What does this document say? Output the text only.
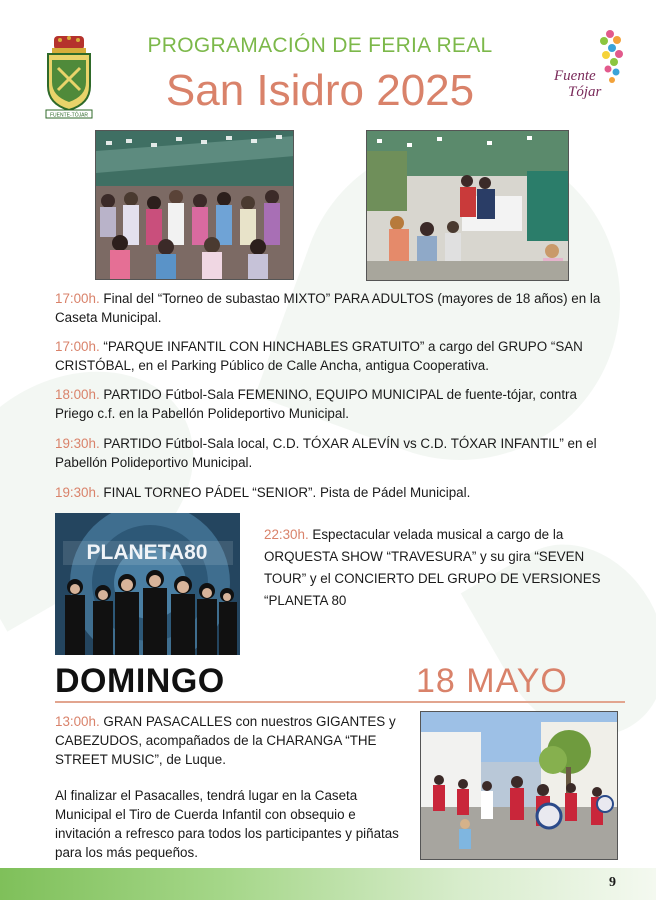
FUENTE-TÓJAR
Fuente
Tójar
PROGRAMACIÓN DE FERIA REAL
San Isidro 2025
17:00h. Final del “Torneo de subastao MIXTO” PARA ADULTOS (mayores de 18 años) en la Caseta Municipal.
17:00h. “PARQUE INFANTIL CON HINCHABLES GRATUITO” a cargo del GRUPO “SAN CRISTÓBAL, en el Parking Público de Calle Ancha, antigua Cooperativa.
18:00h. PARTIDO Fútbol-Sala FEMENINO, EQUIPO MUNICIPAL de fuente-tójar, contra Priego c.f. en la Pabellón Polideportivo Municipal.
19:30h. PARTIDO Fútbol-Sala local, C.D. TÓXAR ALEVÍN vs C.D. TÓXAR INFANTIL” en el Pabellón Polideportivo Municipal.
19:30h. FINAL TORNEO PÁDEL “SENIOR”. Pista de Pádel Municipal.
PLANETA80
22:30h. Espectacular velada musical a cargo de la ORQUESTA SHOW “TRAVESURA” y su gira “SEVEN TOUR” y el CONCIERTO DEL GRUPO DE VERSIONES “PLANETA 80
DOMINGO	18 MAYO
13:00h. GRAN PASACALLES con nuestros GIGANTES y CABEZUDOS, acompañados de la CHARANGA “THE STREET MUSIC”, de Luque.
Al finalizar el Pasacalles, tendrá lugar en la Caseta Municipal el Tiro de Cuerda Infantil con obsequio e invitación a refresco para todos los participantes y piñatas para los más pequeños.
9
